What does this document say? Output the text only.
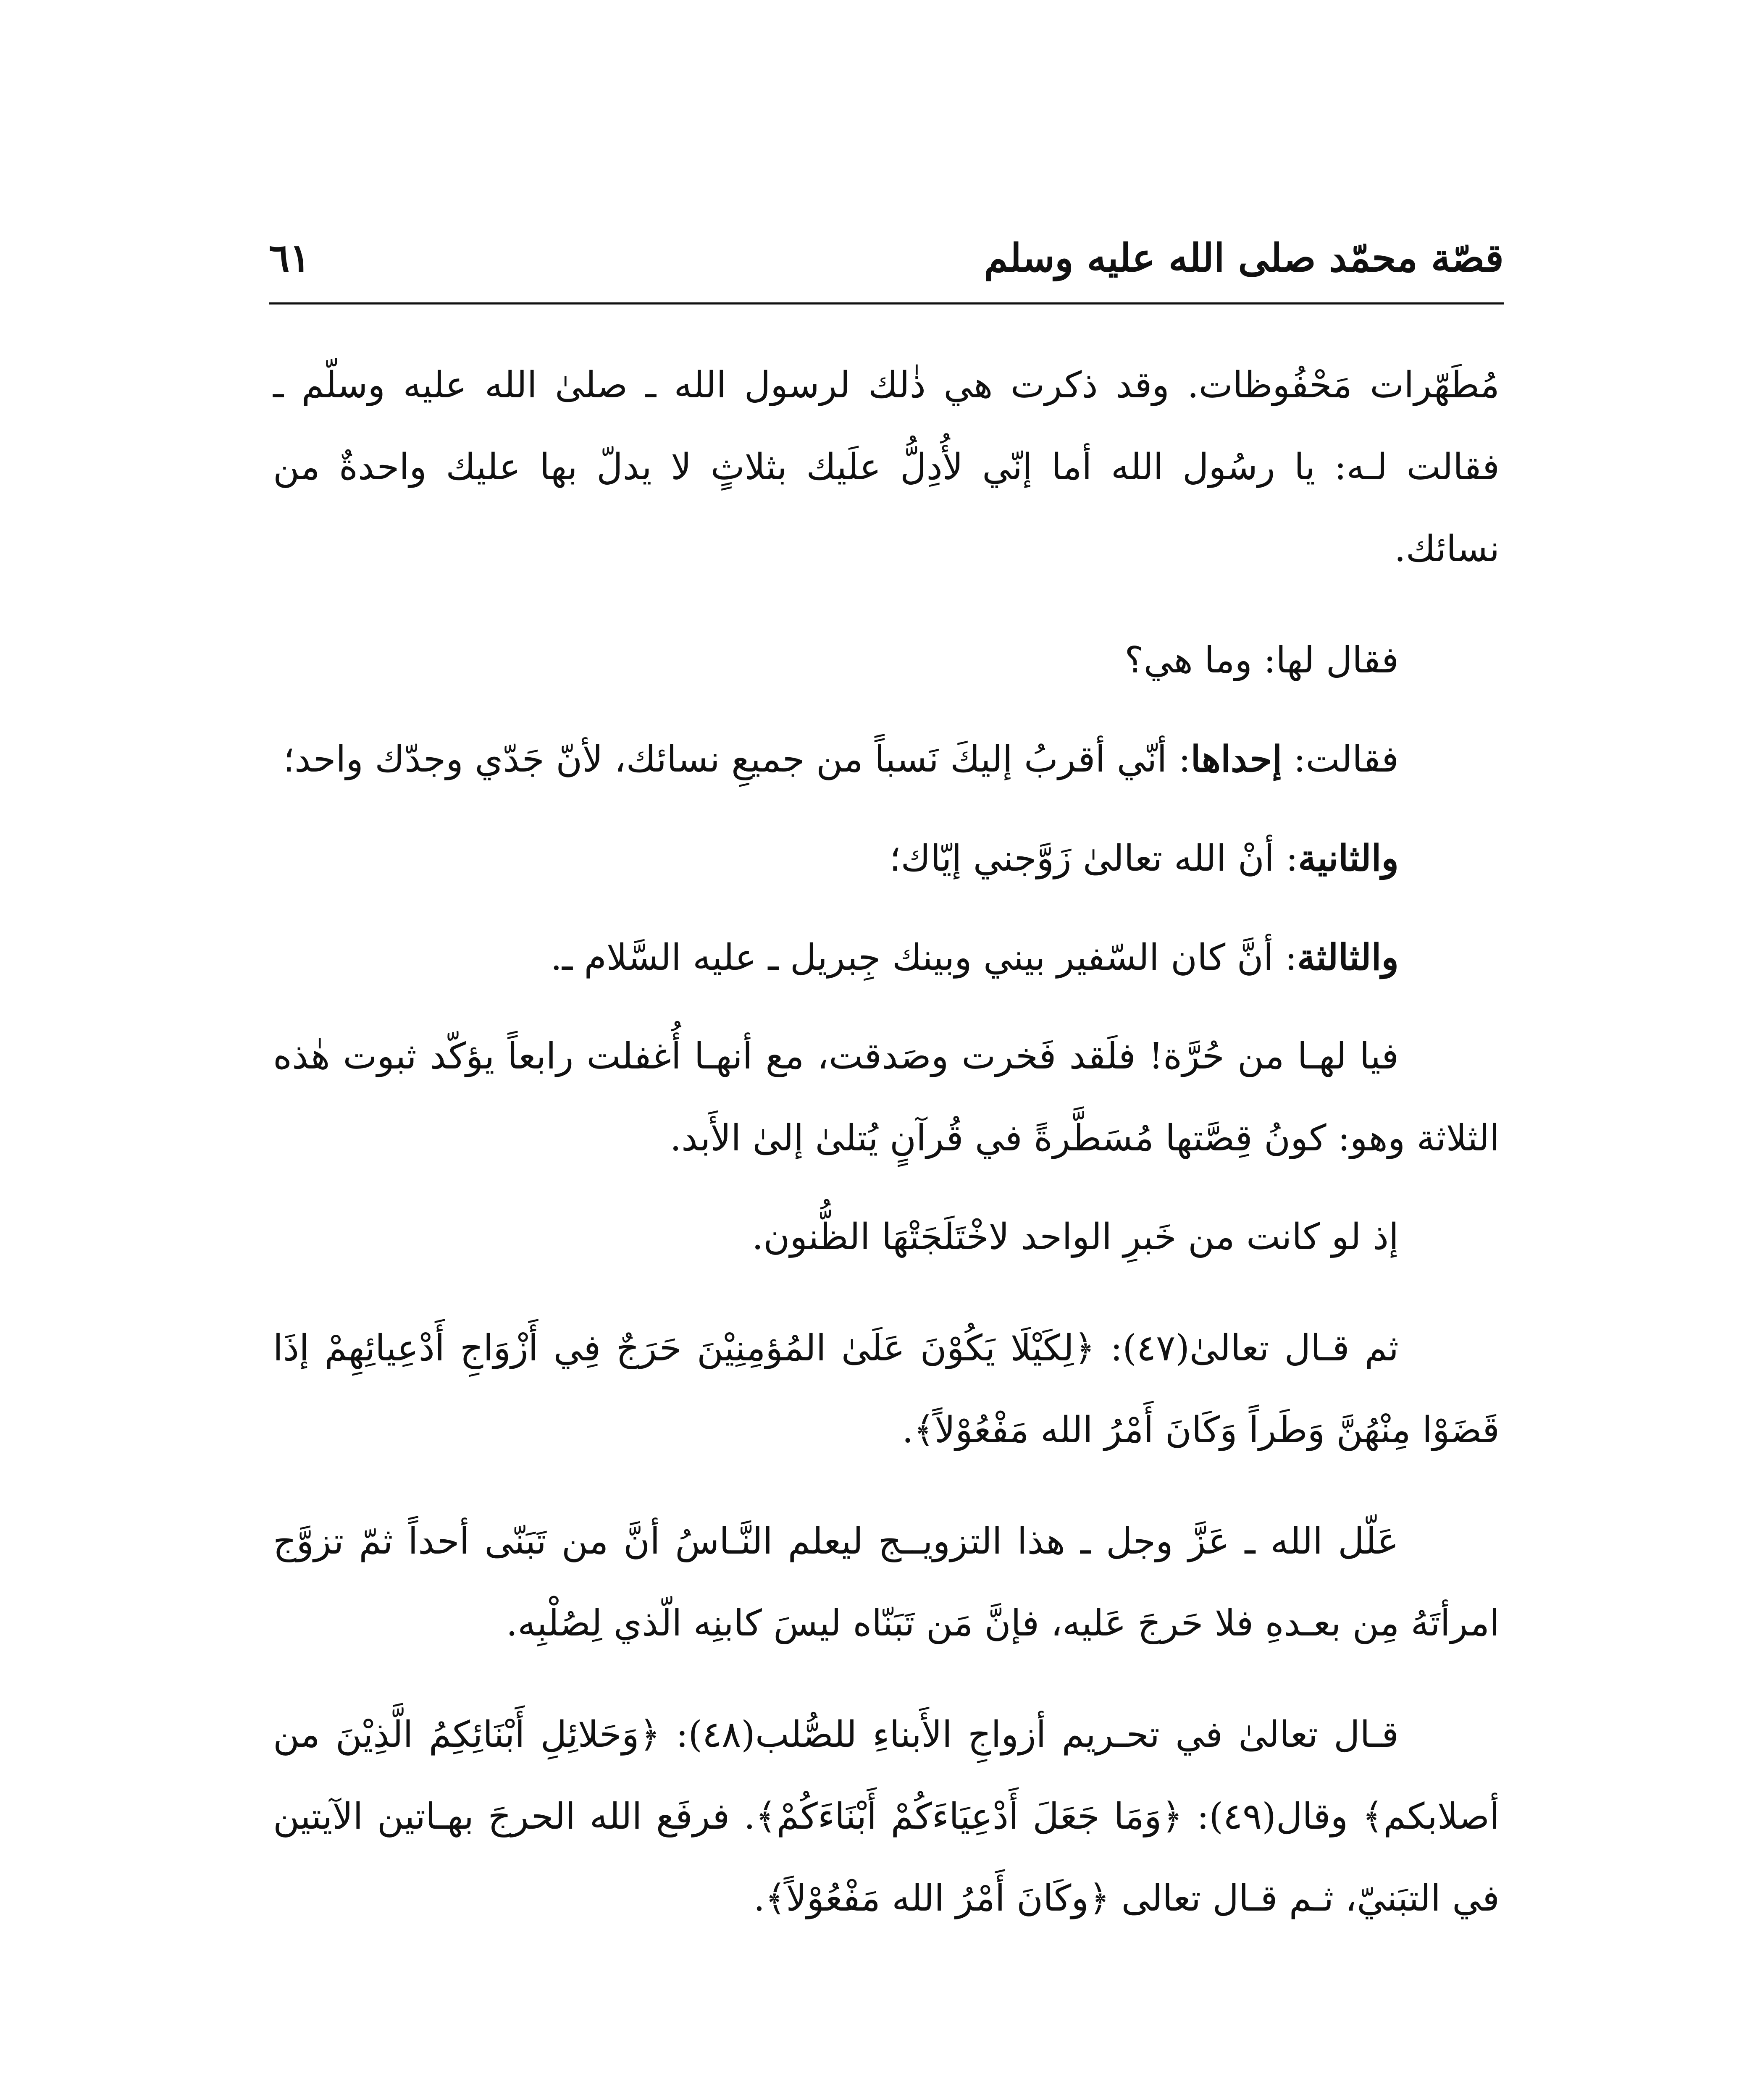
قصّة محمّد صلى الله عليه وسلم
٦١

مُطَهّرات مَحْفُوظات. وقد ذكرت هي ذٰلك لرسول الله ـ صلىٰ الله عليه وسلّم ـ فقالت لـه: يا رسُول الله أما إنّي لأُدِلُّ علَيك بثلاثٍ لا يدلّ بها عليك واحدةٌ من نسائك.

فقال لها: وما هي؟

فقالت: إحداها: أنّي أقربُ إليكَ نَسباً من جميعِ نسائك، لأنّ جَدّي وجدّك واحد؛

والثانية: أنْ الله تعالىٰ زَوَّجني إيّاك؛

والثالثة: أنَّ كان السّفير بيني وبينك جِبريل ـ عليه السَّلام ـ.

فيا لهـا من حُرَّة! فلَقد فَخرت وصَدقت، مع أنهـا أُغفلت رابعاً يؤكّد ثبوت هٰذه الثلاثة وهو: كونُ قِصَّتها مُسَطَّرةً في قُرآنٍ يُتلىٰ إلىٰ الأَبد.

إذ لو كانت من خَبرِ الواحد لاخْتَلَجَتْهَا الظُّنون.

ثم قـال تعالىٰ(٤٧): ﴿لِكَيْلَا يَكُوْنَ عَلَىٰ المُؤمِنِيْنَ حَرَجٌ فِي أَزْوَاجِ أَدْعِيائِهِمْ إذَا قَضَوْا مِنْهُنَّ وَطَراً وَكَانَ أَمْرُ الله مَفْعُوْلاً﴾.

عَلّل الله ـ عَزَّ وجل ـ هذا التزويــج ليعلم النَّـاسُ أنَّ من تَبَنّى أحداً ثمّ تزوَّج امرأتَهُ مِن بعـدهِ فلا حَرجَ عَليه، فإنَّ مَن تَبَنّاه ليسَ كابنِه الّذي لِصُلْبِه.

قـال تعالىٰ في تحـريم أزواجِ الأَبناءِ للصُّلب(٤٨): ﴿وَحَلائِلِ أَبْنَائِكِمُ الَّذِيْنَ من أصلابكم﴾ وقال(٤٩): ﴿وَمَا جَعَلَ أَدْعِيَاءَكُمْ أَبْنَاءَكُمْ﴾. فرفَع الله الحرجَ بهـاتين الآيتين في التبَنيّ، ثـم قـال تعالى ﴿وكَانَ أَمْرُ الله مَفْعُوْلاً﴾.
